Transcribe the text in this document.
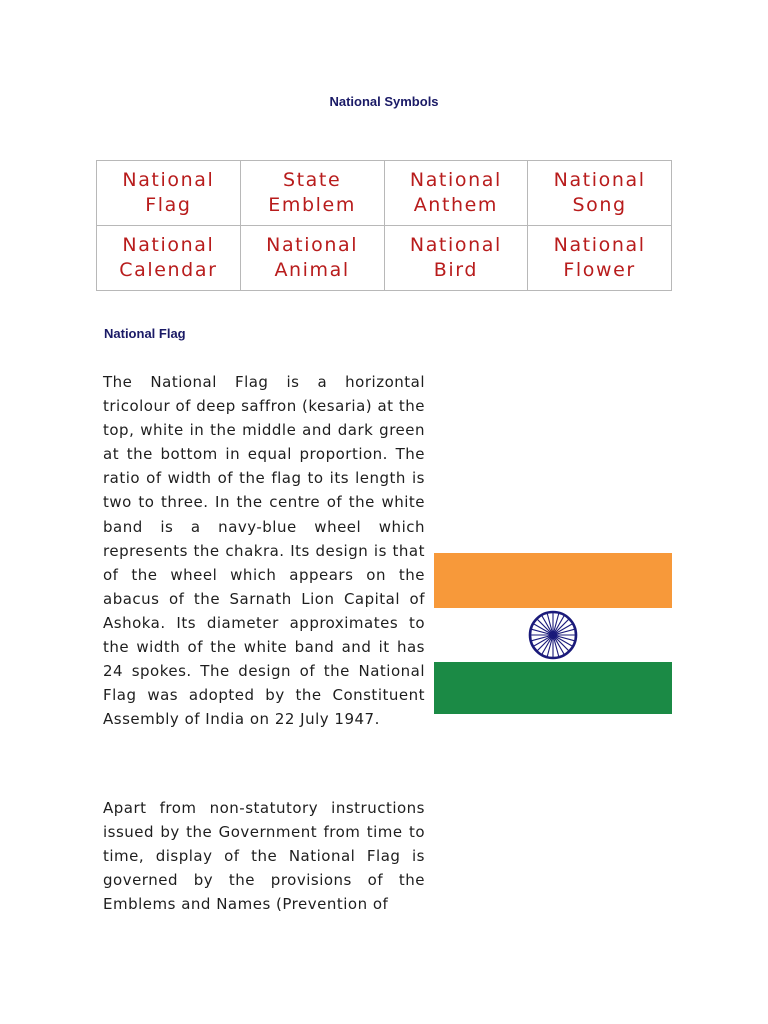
National Symbols
National Flag	State Emblem	National Anthem	National Song
National Calendar	National Animal	National Bird	National Flower
National Flag

The National Flag is a horizontal tricolour of deep saffron (kesaria) at the top, white in the middle and dark green at the bottom in equal proportion. The ratio of width of the flag to its length is two to three. In the centre of the white band is a navy-blue wheel which represents the chakra. Its design is that of the wheel which appears on the abacus of the Sarnath Lion Capital of Ashoka. Its diameter approximates to the width of the white band and it has 24 spokes. The design of the National Flag was adopted by the Constituent Assembly of India on 22 July 1947.

Apart from non-statutory instructions issued by the Government from time to time, display of the National Flag is governed by the provisions of the Emblems and Names (Prevention of
